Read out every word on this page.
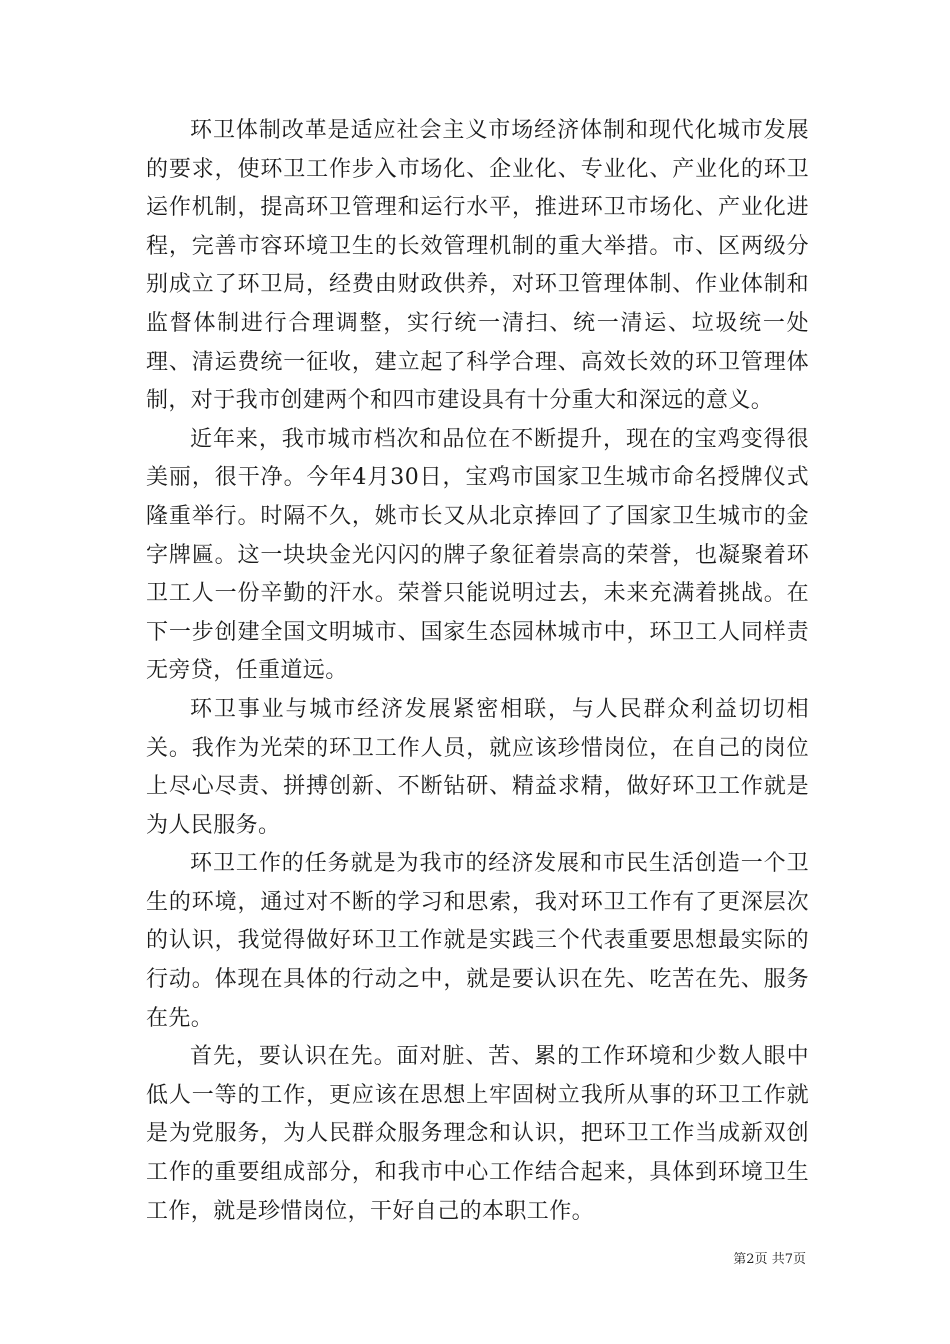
环卫体制改革是适应社会主义市场经济体制和现代化城市发展的要求，使环卫工作步入市场化、企业化、专业化、产业化的环卫运作机制，提高环卫管理和运行水平，推进环卫市场化、产业化进程，完善市容环境卫生的长效管理机制的重大举措。市、区两级分别成立了环卫局，经费由财政供养，对环卫管理体制、作业体制和监督体制进行合理调整，实行统一清扫、统一清运、垃圾统一处理、清运费统一征收，建立起了科学合理、高效长效的环卫管理体制，对于我市创建两个和四市建设具有十分重大和深远的意义。

近年来，我市城市档次和品位在不断提升，现在的宝鸡变得很美丽，很干净。今年4月30日，宝鸡市国家卫生城市命名授牌仪式隆重举行。时隔不久，姚市长又从北京捧回了了国家卫生城市的金字牌匾。这一块块金光闪闪的牌子象征着崇高的荣誉，也凝聚着环卫工人一份辛勤的汗水。荣誉只能说明过去，未来充满着挑战。在下一步创建全国文明城市、国家生态园林城市中，环卫工人同样责无旁贷，任重道远。

环卫事业与城市经济发展紧密相联，与人民群众利益切切相关。我作为光荣的环卫工作人员，就应该珍惜岗位，在自己的岗位上尽心尽责、拼搏创新、不断钻研、精益求精，做好环卫工作就是为人民服务。

环卫工作的任务就是为我市的经济发展和市民生活创造一个卫生的环境，通过对不断的学习和思索，我对环卫工作有了更深层次的认识，我觉得做好环卫工作就是实践三个代表重要思想最实际的行动。体现在具体的行动之中，就是要认识在先、吃苦在先、服务在先。

首先，要认识在先。面对脏、苦、累的工作环境和少数人眼中低人一等的工作，更应该在思想上牢固树立我所从事的环卫工作就是为党服务，为人民群众服务理念和认识，把环卫工作当成新双创工作的重要组成部分，和我市中心工作结合起来，具体到环境卫生工作，就是珍惜岗位，干好自己的本职工作。

第2页 共7页
